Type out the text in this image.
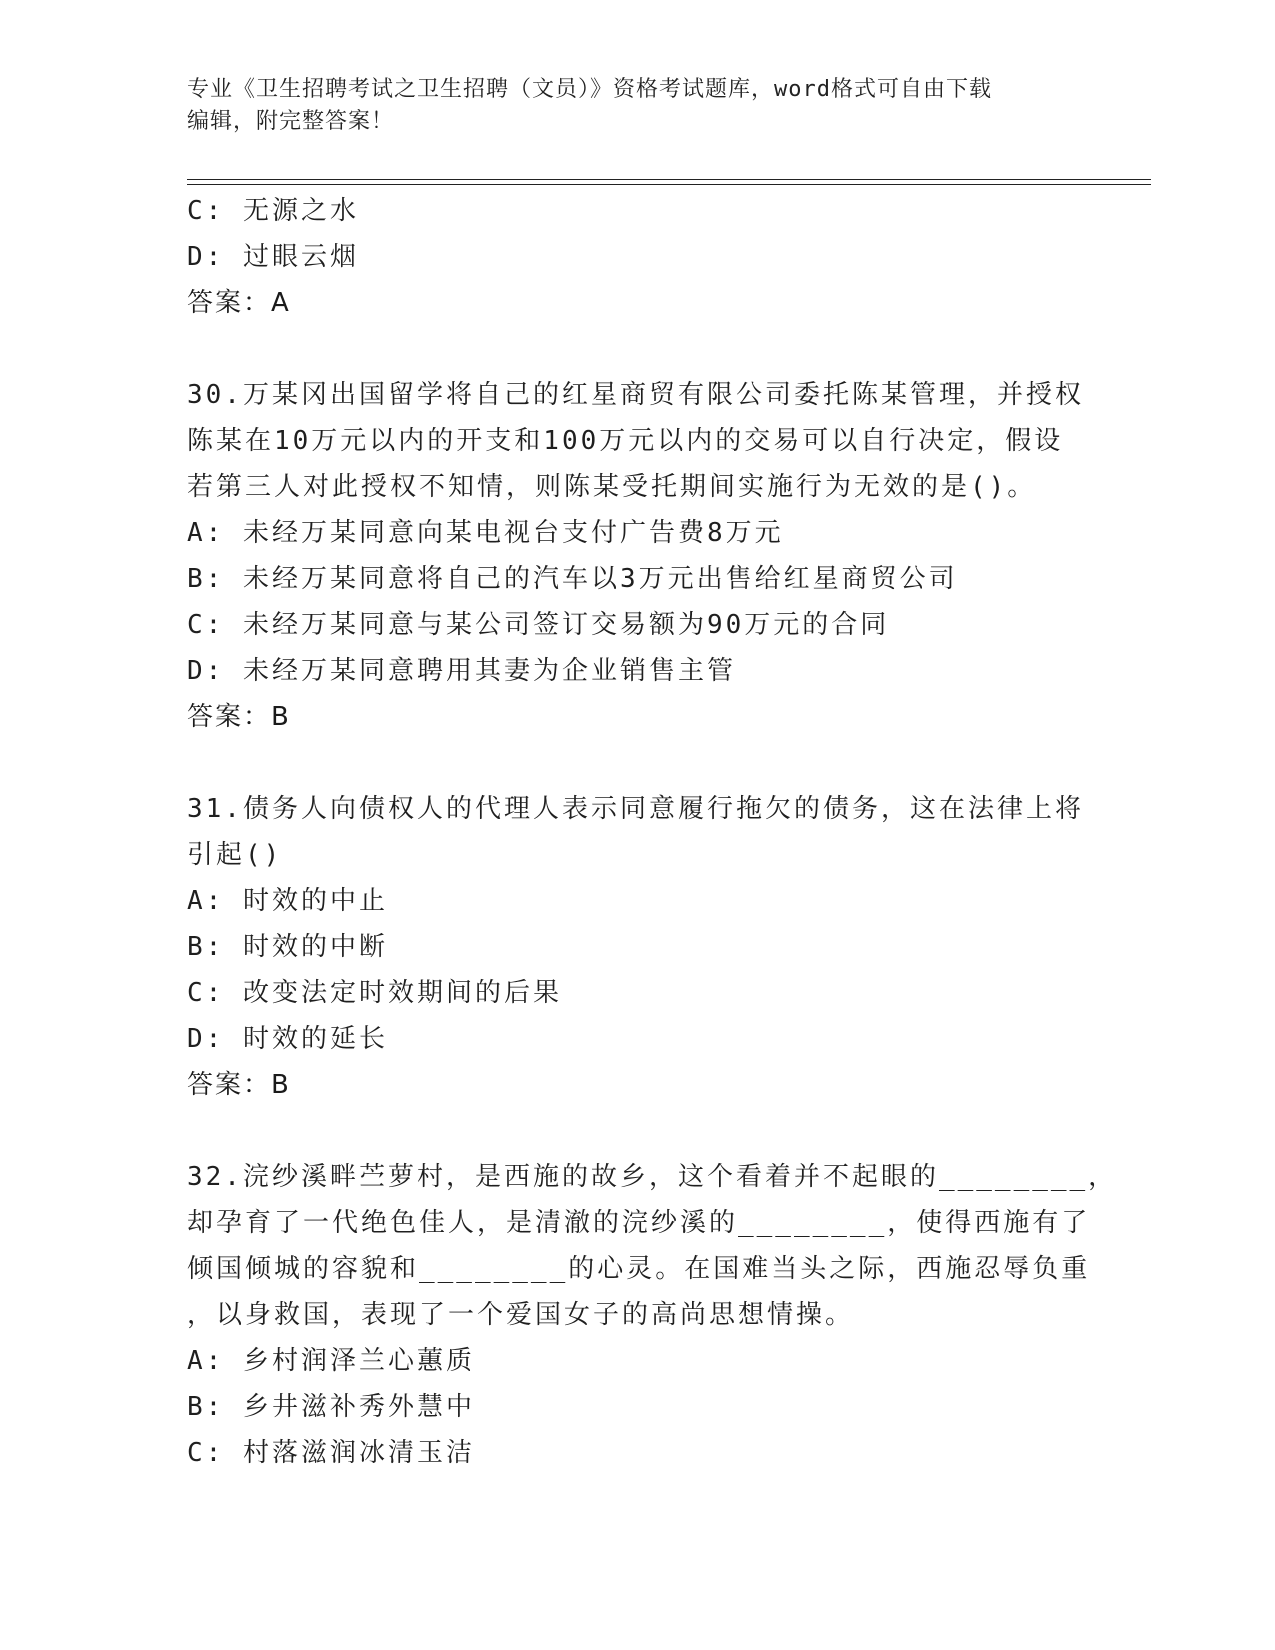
专业《卫生招聘考试之卫生招聘（文员）》资格考试题库，word格式可自由下载
编辑，附完整答案！
C: 无源之水
D: 过眼云烟
答案：A
30.万某冈出国留学将自己的红星商贸有限公司委托陈某管理，并授权
陈某在10万元以内的开支和100万元以内的交易可以自行决定，假设
若第三人对此授权不知情，则陈某受托期间实施行为无效的是()。
A: 未经万某同意向某电视台支付广告费8万元
B: 未经万某同意将自己的汽车以3万元出售给红星商贸公司
C: 未经万某同意与某公司签订交易额为90万元的合同
D: 未经万某同意聘用其妻为企业销售主管
答案：B
31.债务人向债权人的代理人表示同意履行拖欠的债务，这在法律上将
引起()
A: 时效的中止
B: 时效的中断
C: 改变法定时效期间的后果
D: 时效的延长
答案：B
32.浣纱溪畔苎萝村，是西施的故乡，这个看着并不起眼的________，
却孕育了一代绝色佳人，是清澈的浣纱溪的________，使得西施有了
倾国倾城的容貌和________的心灵。在国难当头之际，西施忍辱负重
，以身救国，表现了一个爱国女子的高尚思想情操。
A: 乡村润泽兰心蕙质
B: 乡井滋补秀外慧中
C: 村落滋润冰清玉洁
